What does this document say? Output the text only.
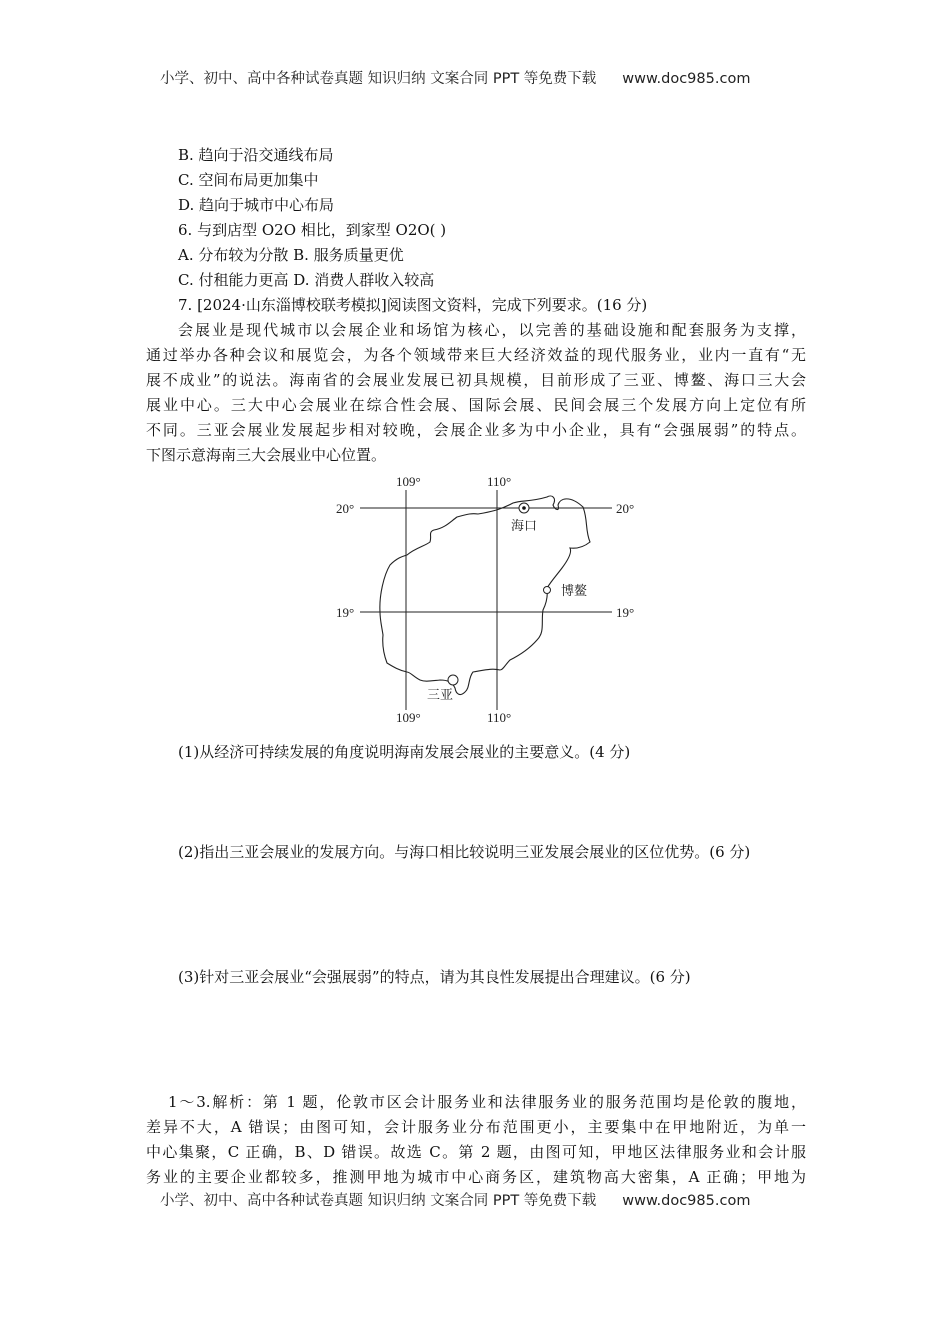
小学、初中、高中各种试卷真题 知识归纳 文案合同 PPT 等免费下载 www.doc985.com
B. 趋向于沿交通线布局
C. 空间布局更加集中
D. 趋向于城市中心布局
6. 与到店型 O2O 相比，到家型 O2O( )
A. 分布较为分散 B. 服务质量更优
C. 付租能力更高 D. 消费人群收入较高
7. [2024·山东淄博校联考模拟]阅读图文资料，完成下列要求。(16 分)
会展业是现代城市以会展企业和场馆为核心，以完善的基础设施和配套服务为支撑，
通过举办各种会议和展览会，为各个领域带来巨大经济效益的现代服务业，业内一直有“无
展不成业”的说法。海南省的会展业发展已初具规模，目前形成了三亚、博鳌、海口三大会
展业中心。三大中心会展业在综合性会展、国际会展、民间会展三个发展方向上定位有所
不同。三亚会展业发展起步相对较晚，会展企业多为中小企业，具有“会强展弱”的特点。
下图示意海南三大会展业中心位置。
109°	110°
109°	110°
20°	20°
19°	19°
海口
博鳌
三亚
(1)从经济可持续发展的角度说明海南发展会展业的主要意义。(4 分)
(2)指出三亚会展业的发展方向。与海口相比较说明三亚发展会展业的区位优势。(6 分)
(3)针对三亚会展业“会强展弱”的特点，请为其良性发展提出合理建议。(6 分)
1～3.解析：第 1 题，伦敦市区会计服务业和法律服务业的服务范围均是伦敦的腹地，
差异不大，A 错误；由图可知，会计服务业分布范围更小，主要集中在甲地附近，为单一
中心集聚，C 正确，B、D 错误。故选 C。第 2 题，由图可知，甲地区法律服务业和会计服
务业的主要企业都较多，推测甲地为城市中心商务区，建筑物高大密集，A 正确；甲地为
小学、初中、高中各种试卷真题 知识归纳 文案合同 PPT 等免费下载 www.doc985.com
